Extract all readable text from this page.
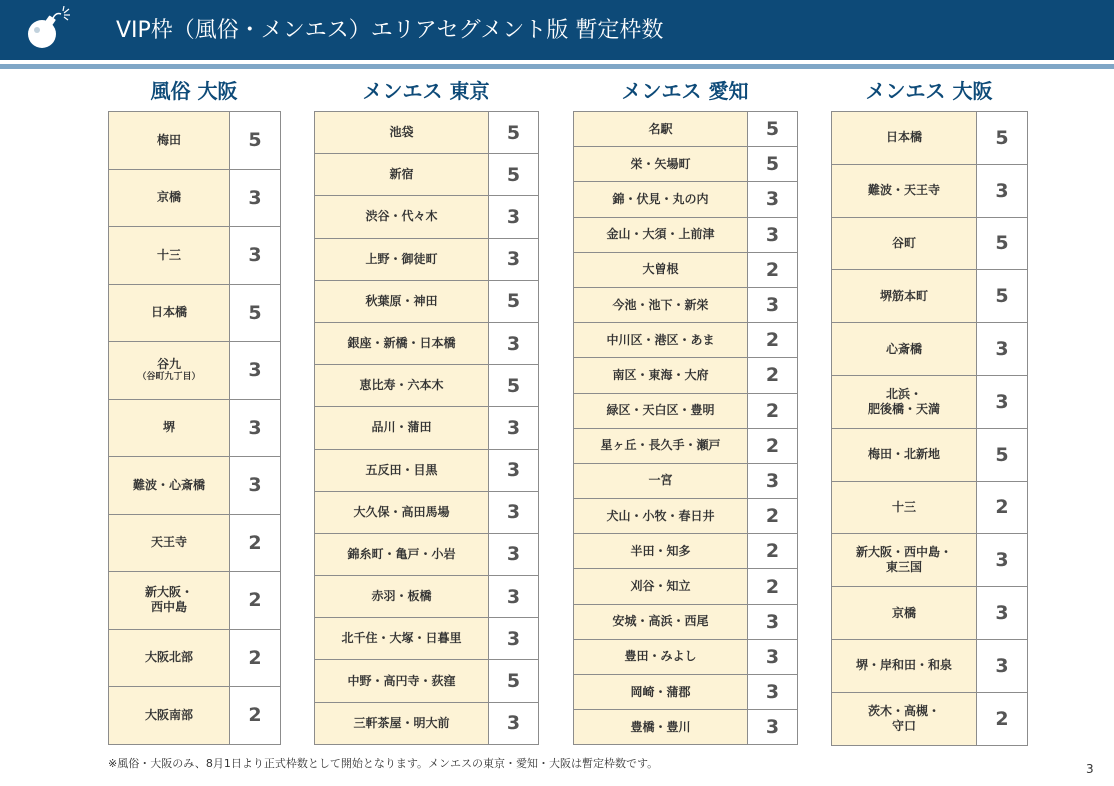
VIP枠（風俗・メンエス）エリアセグメント版 暫定枠数
風俗 大阪
梅田	5
京橋	3
十三	3
日本橋	5
谷九
（谷町九丁目）	3
堺	3
難波・心斎橋	3
天王寺	2
新大阪・
西中島	2
大阪北部	2
大阪南部	2
メンエス 東京
池袋	5
新宿	5
渋谷・代々木	3
上野・御徒町	3
秋葉原・神田	5
銀座・新橋・日本橋	3
恵比寿・六本木	5
品川・蒲田	3
五反田・目黒	3
大久保・高田馬場	3
錦糸町・亀戸・小岩	3
赤羽・板橋	3
北千住・大塚・日暮里	3
中野・高円寺・荻窪	5
三軒茶屋・明大前	3
メンエス 愛知
名駅	5
栄・矢場町	5
錦・伏見・丸の内	3
金山・大須・上前津	3
大曽根	2
今池・池下・新栄	3
中川区・港区・あま	2
南区・東海・大府	2
緑区・天白区・豊明	2
星ヶ丘・長久手・瀬戸	2
一宮	3
犬山・小牧・春日井	2
半田・知多	2
刈谷・知立	2
安城・高浜・西尾	3
豊田・みよし	3
岡崎・蒲郡	3
豊橋・豊川	3
メンエス 大阪
日本橋	5
難波・天王寺	3
谷町	5
堺筋本町	5
心斎橋	3
北浜・
肥後橋・天満	3
梅田・北新地	5
十三	2
新大阪・西中島・
東三国	3
京橋	3
堺・岸和田・和泉	3
茨木・高槻・
守口	2
※風俗・大阪のみ、8月1日より正式枠数として開始となります。メンエスの東京・愛知・大阪は暫定枠数です。	3
